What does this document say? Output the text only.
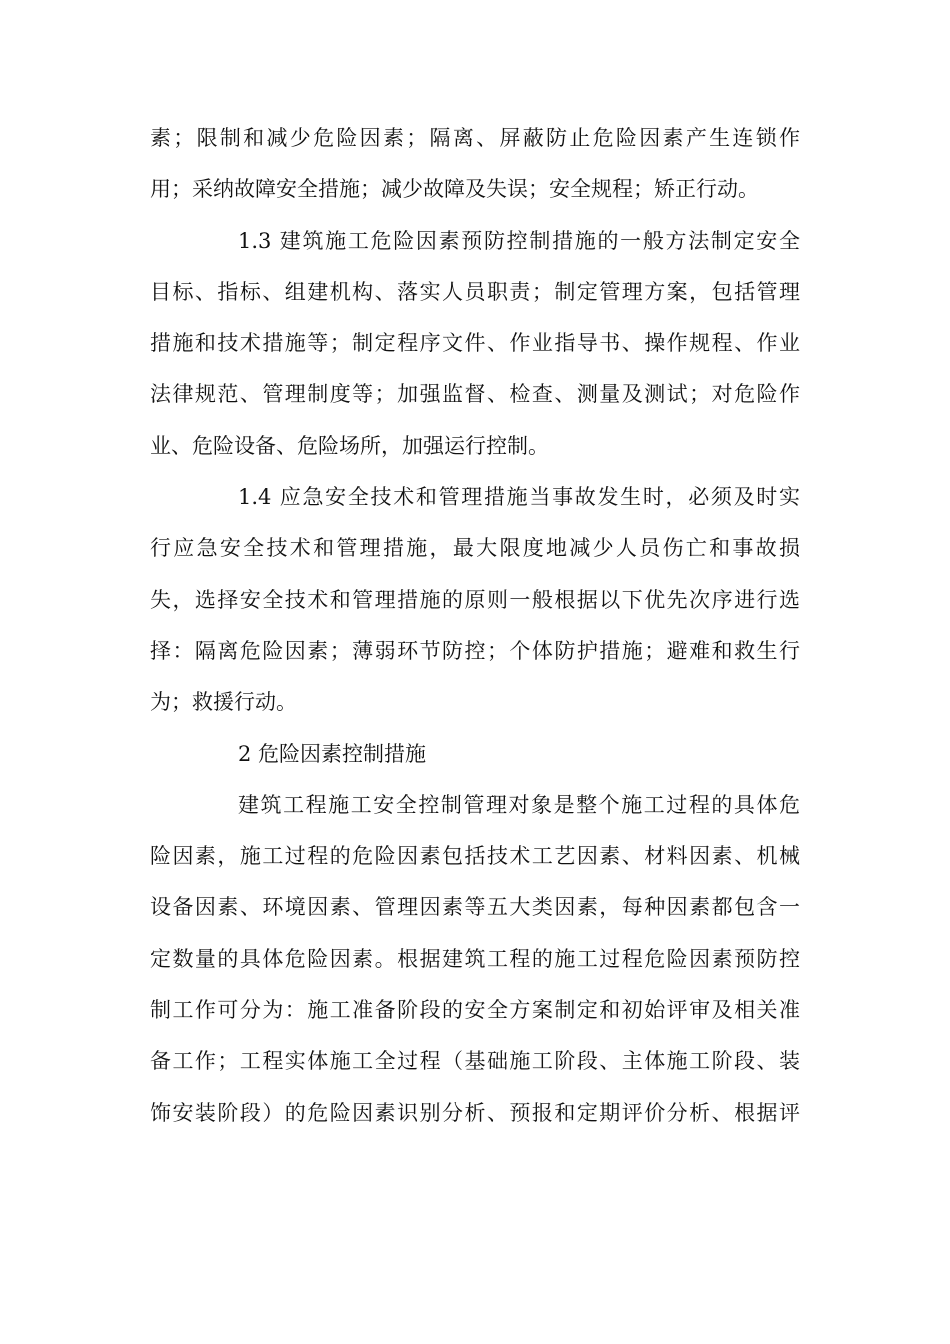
素；限制和减少危险因素；隔离、屏蔽防止危险因素产生连锁作
用；采纳故障安全措施；减少故障及失误；安全规程；矫正行动。
1.3 建筑施工危险因素预防控制措施的一般方法制定安全
目标、指标、组建机构、落实人员职责；制定管理方案，包括管理
措施和技术措施等；制定程序文件、作业指导书、操作规程、作业
法律规范、管理制度等；加强监督、检查、测量及测试；对危险作
业、危险设备、危险场所，加强运行控制。
1.4 应急安全技术和管理措施当事故发生时，必须及时实
行应急安全技术和管理措施，最大限度地减少人员伤亡和事故损
失，选择安全技术和管理措施的原则一般根据以下优先次序进行选
择：隔离危险因素；薄弱环节防控；个体防护措施；避难和救生行
为；救援行动。
2 危险因素控制措施
建筑工程施工安全控制管理对象是整个施工过程的具体危
险因素，施工过程的危险因素包括技术工艺因素、材料因素、机械
设备因素、环境因素、管理因素等五大类因素，每种因素都包含一
定数量的具体危险因素。根据建筑工程的施工过程危险因素预防控
制工作可分为：施工准备阶段的安全方案制定和初始评审及相关准
备工作；工程实体施工全过程（基础施工阶段、主体施工阶段、装
饰安装阶段）的危险因素识别分析、预报和定期评价分析、根据评
